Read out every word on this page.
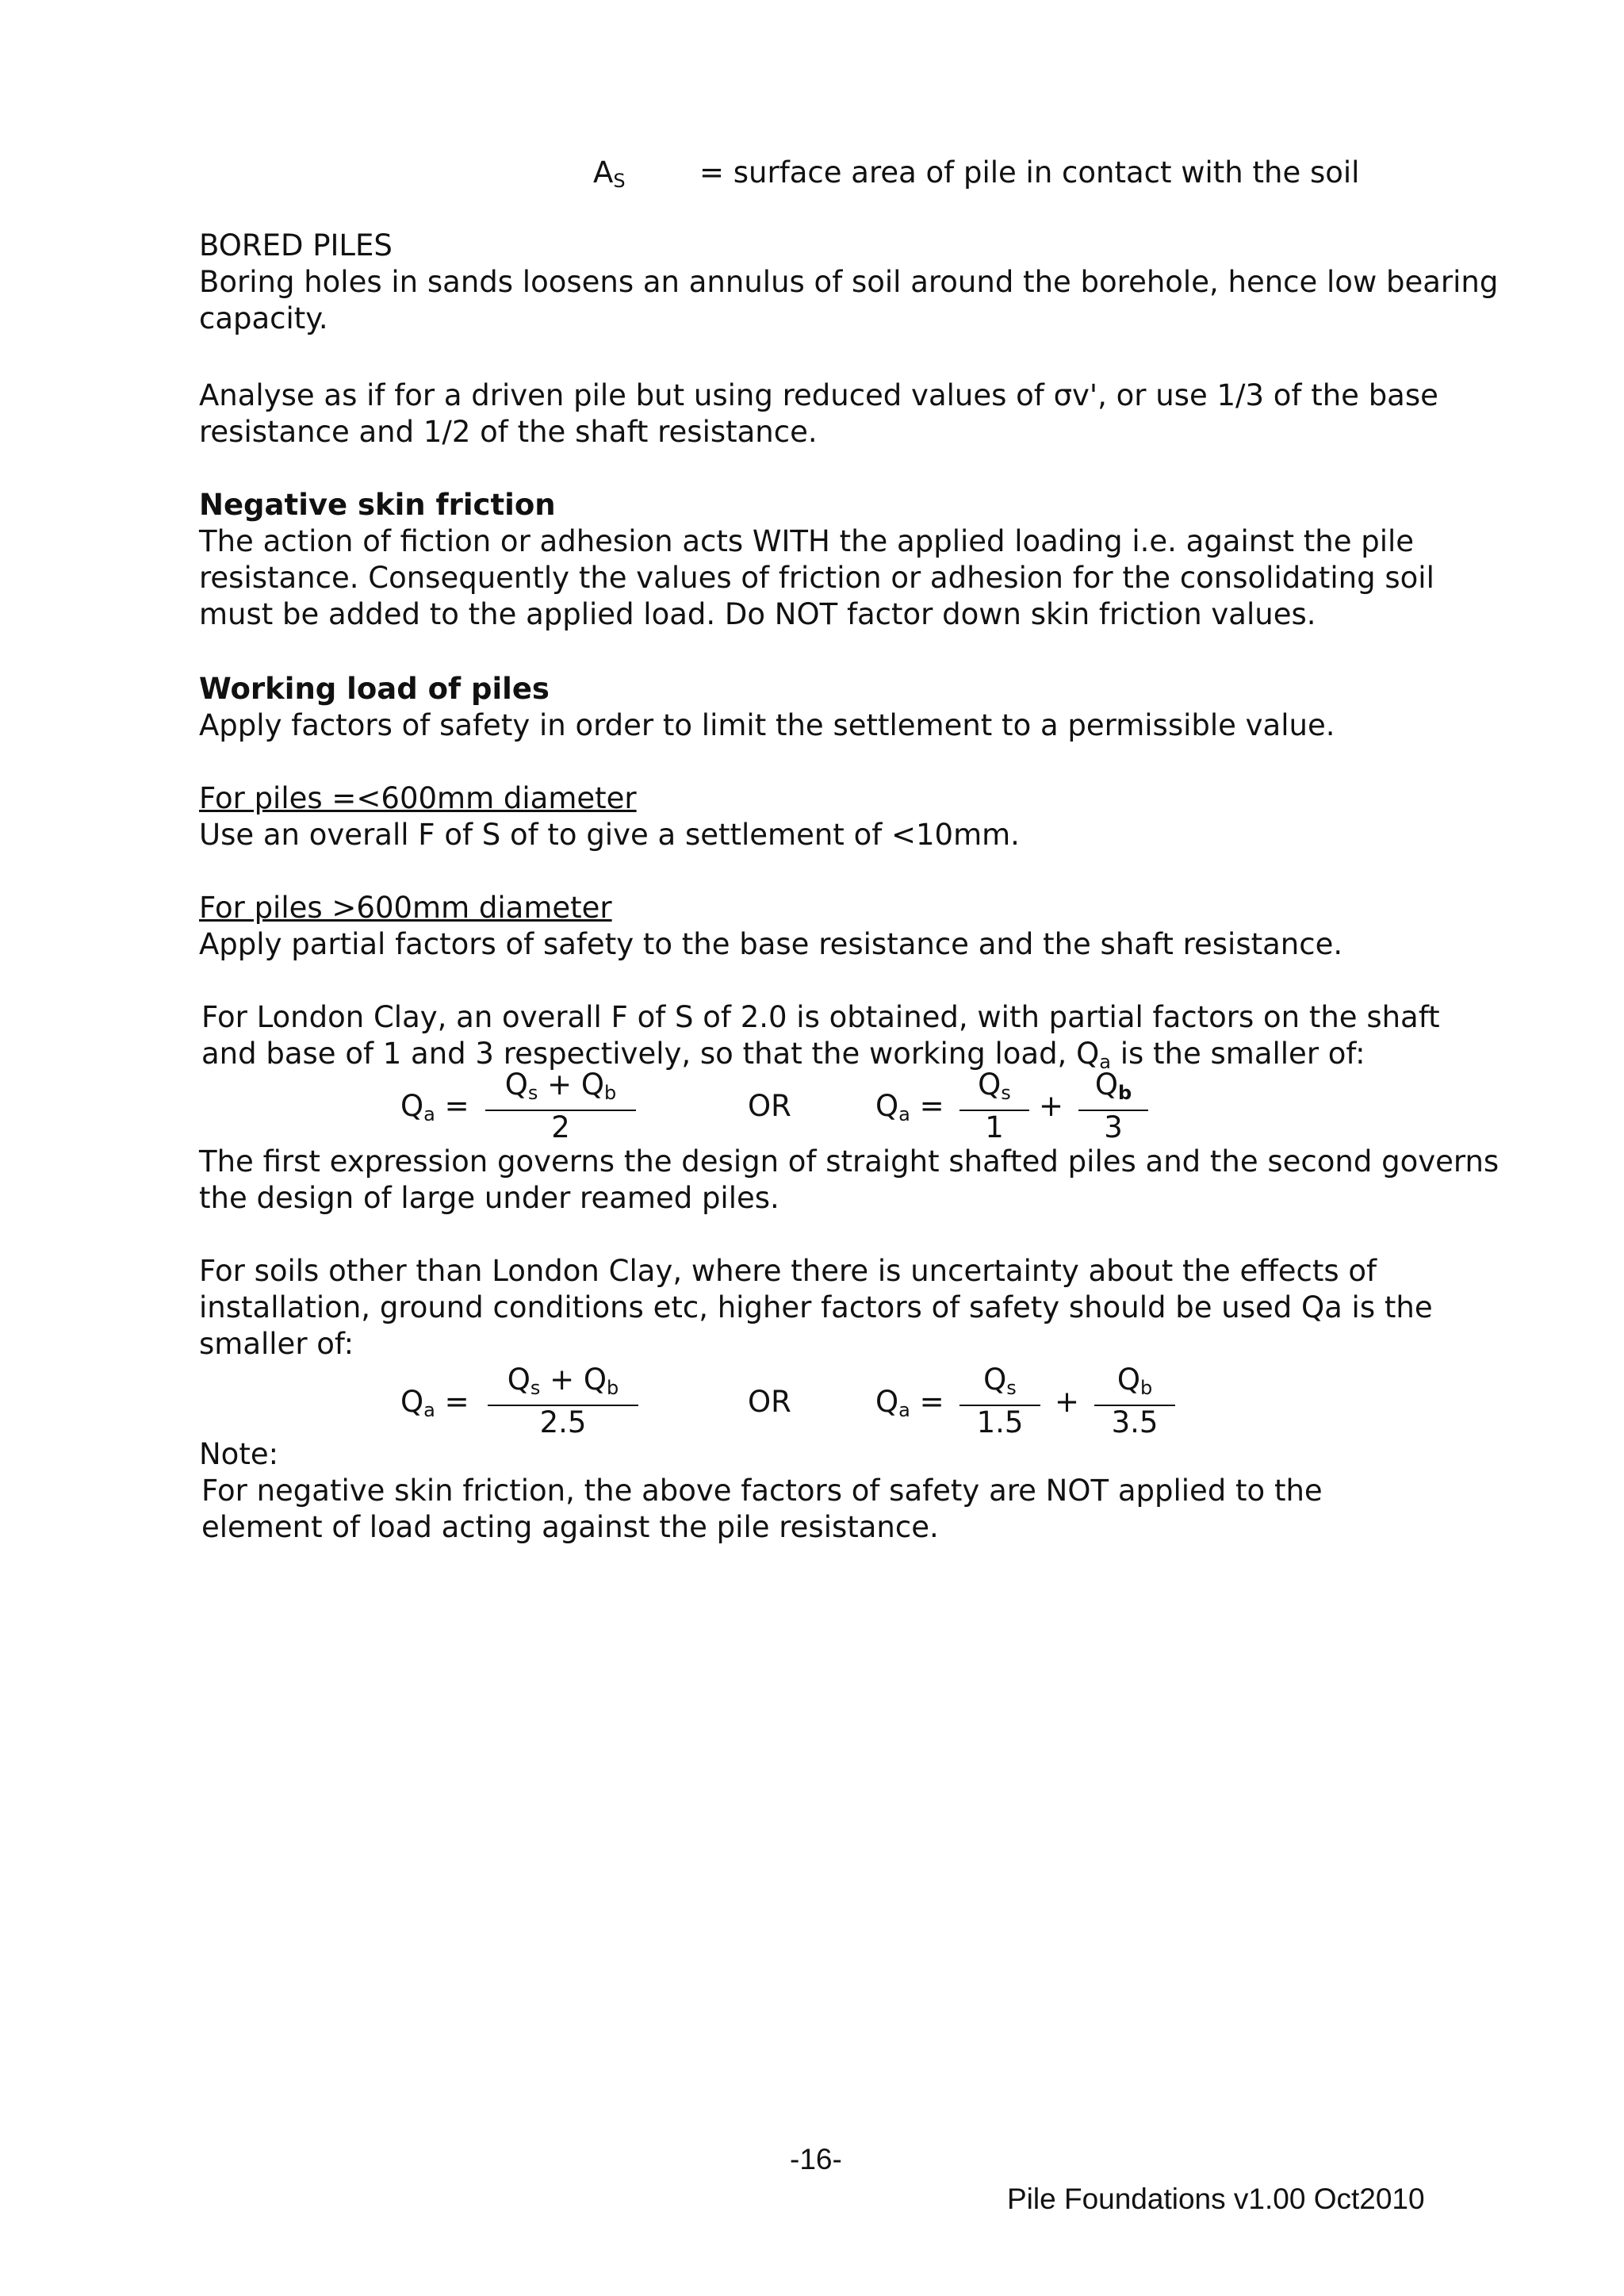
$A_S$	= surface area of pile in contact with the soil
BORED PILES
Boring holes in sands loosens an annulus of soil around the borehole, hence low bearing
capacity.
Analyse as if for a driven pile but using reduced values of σv', or use 1/3 of the base
resistance and 1/2 of the shaft resistance.
Negative skin friction
The action of fiction or adhesion acts WITH the applied loading i.e. against the pile
resistance. Consequently the values of friction or adhesion for the consolidating soil
must be added to the applied load. Do NOT factor down skin friction values.
Working load of piles
Apply factors of safety in order to limit the settlement to a permissible value.
For piles =<600mm diameter
Use an overall F of S of to give a settlement of <10mm.
For piles >600mm diameter
Apply partial factors of safety to the base resistance and the shaft resistance.
For London Clay, an overall F of S of 2.0 is obtained, with partial factors on the shaft
and base of 1 and 3 respectively, so that the working load, $Q_a$ is the smaller of:
$Q_a = \frac{Q_s + Q_b}{2}$	OR	$Q_a = \frac{Q_s}{1} + \frac{Q_b}{3}$
The first expression governs the design of straight shafted piles and the second governs
the design of large under reamed piles.
For soils other than London Clay, where there is uncertainty about the effects of
installation, ground conditions etc, higher factors of safety should be used Qa is the
smaller of:
$Q_a = \frac{Q_s + Q_b}{2.5}$	OR	$Q_a = \frac{Q_s}{1.5} + \frac{Q_b}{3.5}$
Note:
For negative skin friction, the above factors of safety are NOT applied to the
element of load acting against the pile resistance.
-16-
Pile Foundations v1.00 Oct2010
